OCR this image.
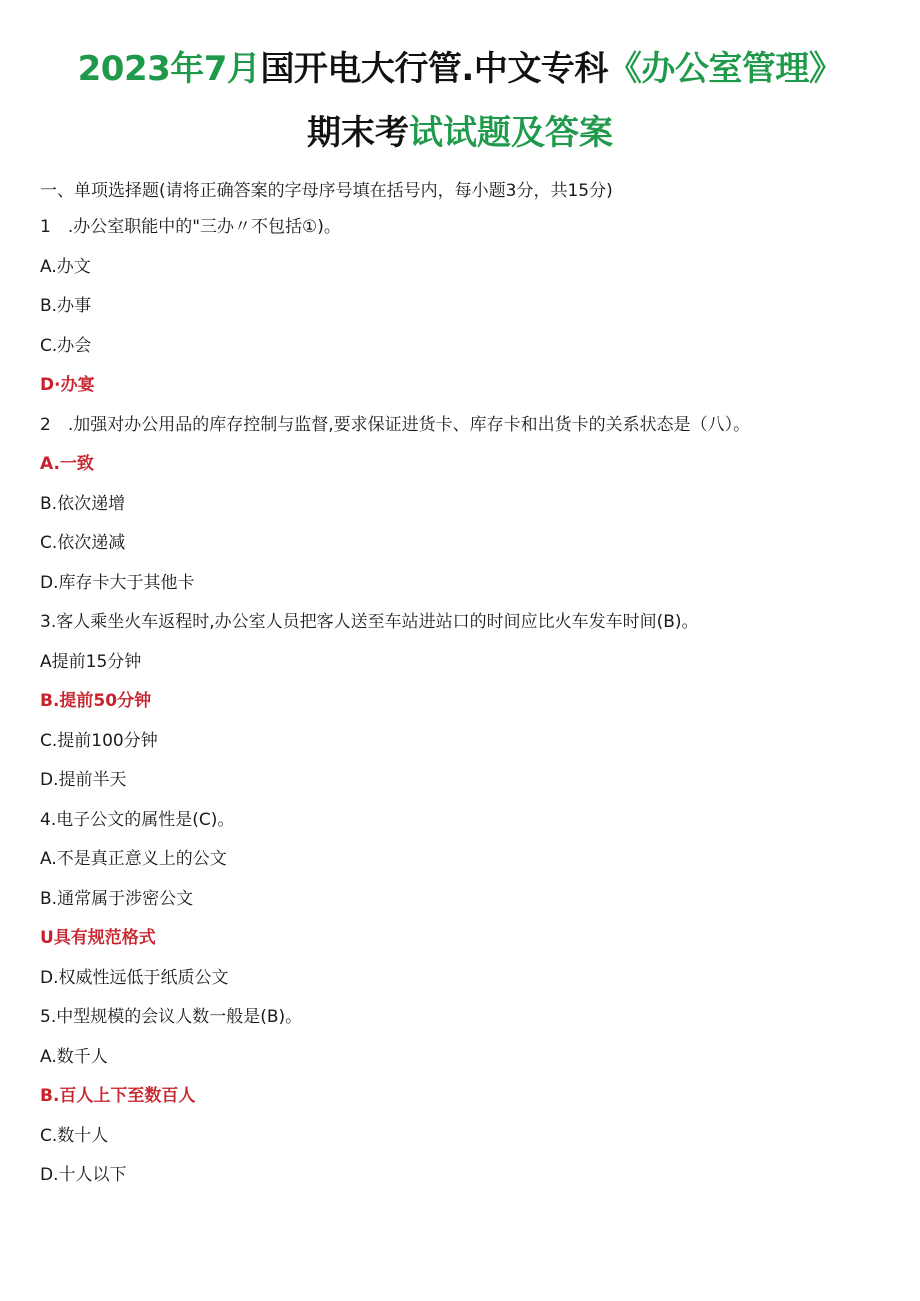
2023年7月国开电大行管.中文专科《办公室管理》
期末考试试题及答案
一、单项选择题(请将正确答案的字母序号填在括号内，每小题3分，共15分)
1　.办公室职能中的"三办〃不包括①)。
A.办文
B.办事
C.办会
D∙办宴
2　.加强对办公用品的库存控制与监督,要求保证进货卡、库存卡和出货卡的关系状态是（八）。
A.一致
B.依次递增
C.依次递减
D.库存卡大于其他卡
3.客人乘坐火车返程时,办公室人员把客人送至车站进站口的时间应比火车发车时间(B)。
A提前15分钟
B.提前50分钟
C.提前100分钟
D.提前半天
4.电子公文的属性是(C)。
A.不是真正意义上的公文
B.通常属于涉密公文
U具有规范格式
D.权威性远低于纸质公文
5.中型规模的会议人数一般是(B)。
A.数千人
B.百人上下至数百人
C.数十人
D.十人以下
